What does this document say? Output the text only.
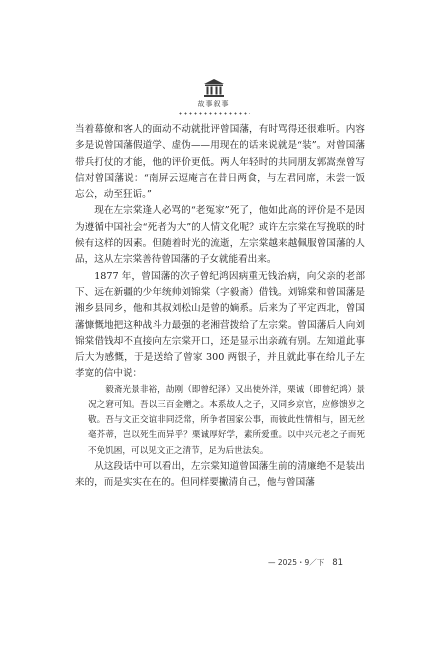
故事叙事

当着幕僚和客人的面动不动就批评曾国藩，有时骂得还很难听。内容多是说曾国藩假道学、虚伪——用现在的话来说就是“装”。对曾国藩带兵打仗的才能，他的评价更低。两人年轻时的共同朋友郭嵩焘曾写信对曾国藩说：“南屏云逗庵言在昔日两食，与左君同席，未尝一饭忘公，动至狂诟。”

现在左宗棠逢人必骂的“老冤家”死了，他如此高的评价是不是因为遵循中国社会“死者为大”的人情文化呢？或许左宗棠在写挽联的时候有这样的因素。但随着时光的流逝，左宗棠越来越佩服曾国藩的人品，这从左宗棠善待曾国藩的子女就能看出来。

1877 年，曾国藩的次子曾纪鸿因病重无钱治病，向父亲的老部下、远在新疆的少年统帅刘锦棠（字毅斋）借钱。刘锦棠和曾国藩是湘乡县同乡，他和其叔刘松山是曾的嫡系。后来为了平定西北，曾国藩慷慨地把这种战斗力最强的老湘营拨给了左宗棠。曾国藩后人向刘锦棠借钱却不直接向左宗棠开口，还是显示出亲疏有别。左知道此事后大为感慨，于是送给了曾家 300 两银子，并且就此事在给儿子左孝宽的信中说：

毅斋光景非裕，劼刚（即曾纪泽）又出使外洋，栗诚（即曾纪鸿）景况之窘可知。吾以三百金赠之。本系故人之子，又同乡京官，应修馈岁之敬。吾与文正交谊非同泛常，所争者国家公事，而彼此性情相与，固无丝毫芥蒂，岂以死生而异乎？栗诚厚好学，素所爱重。以中兴元老之子而死不免饥困，可以见文正之清节，足为后世法矣。

从这段话中可以看出，左宗棠知道曾国藩生前的清廉绝不是装出来的，而是实实在在的。但同样要撇清自己，他与曾国藩

— 2025・9／下 81
